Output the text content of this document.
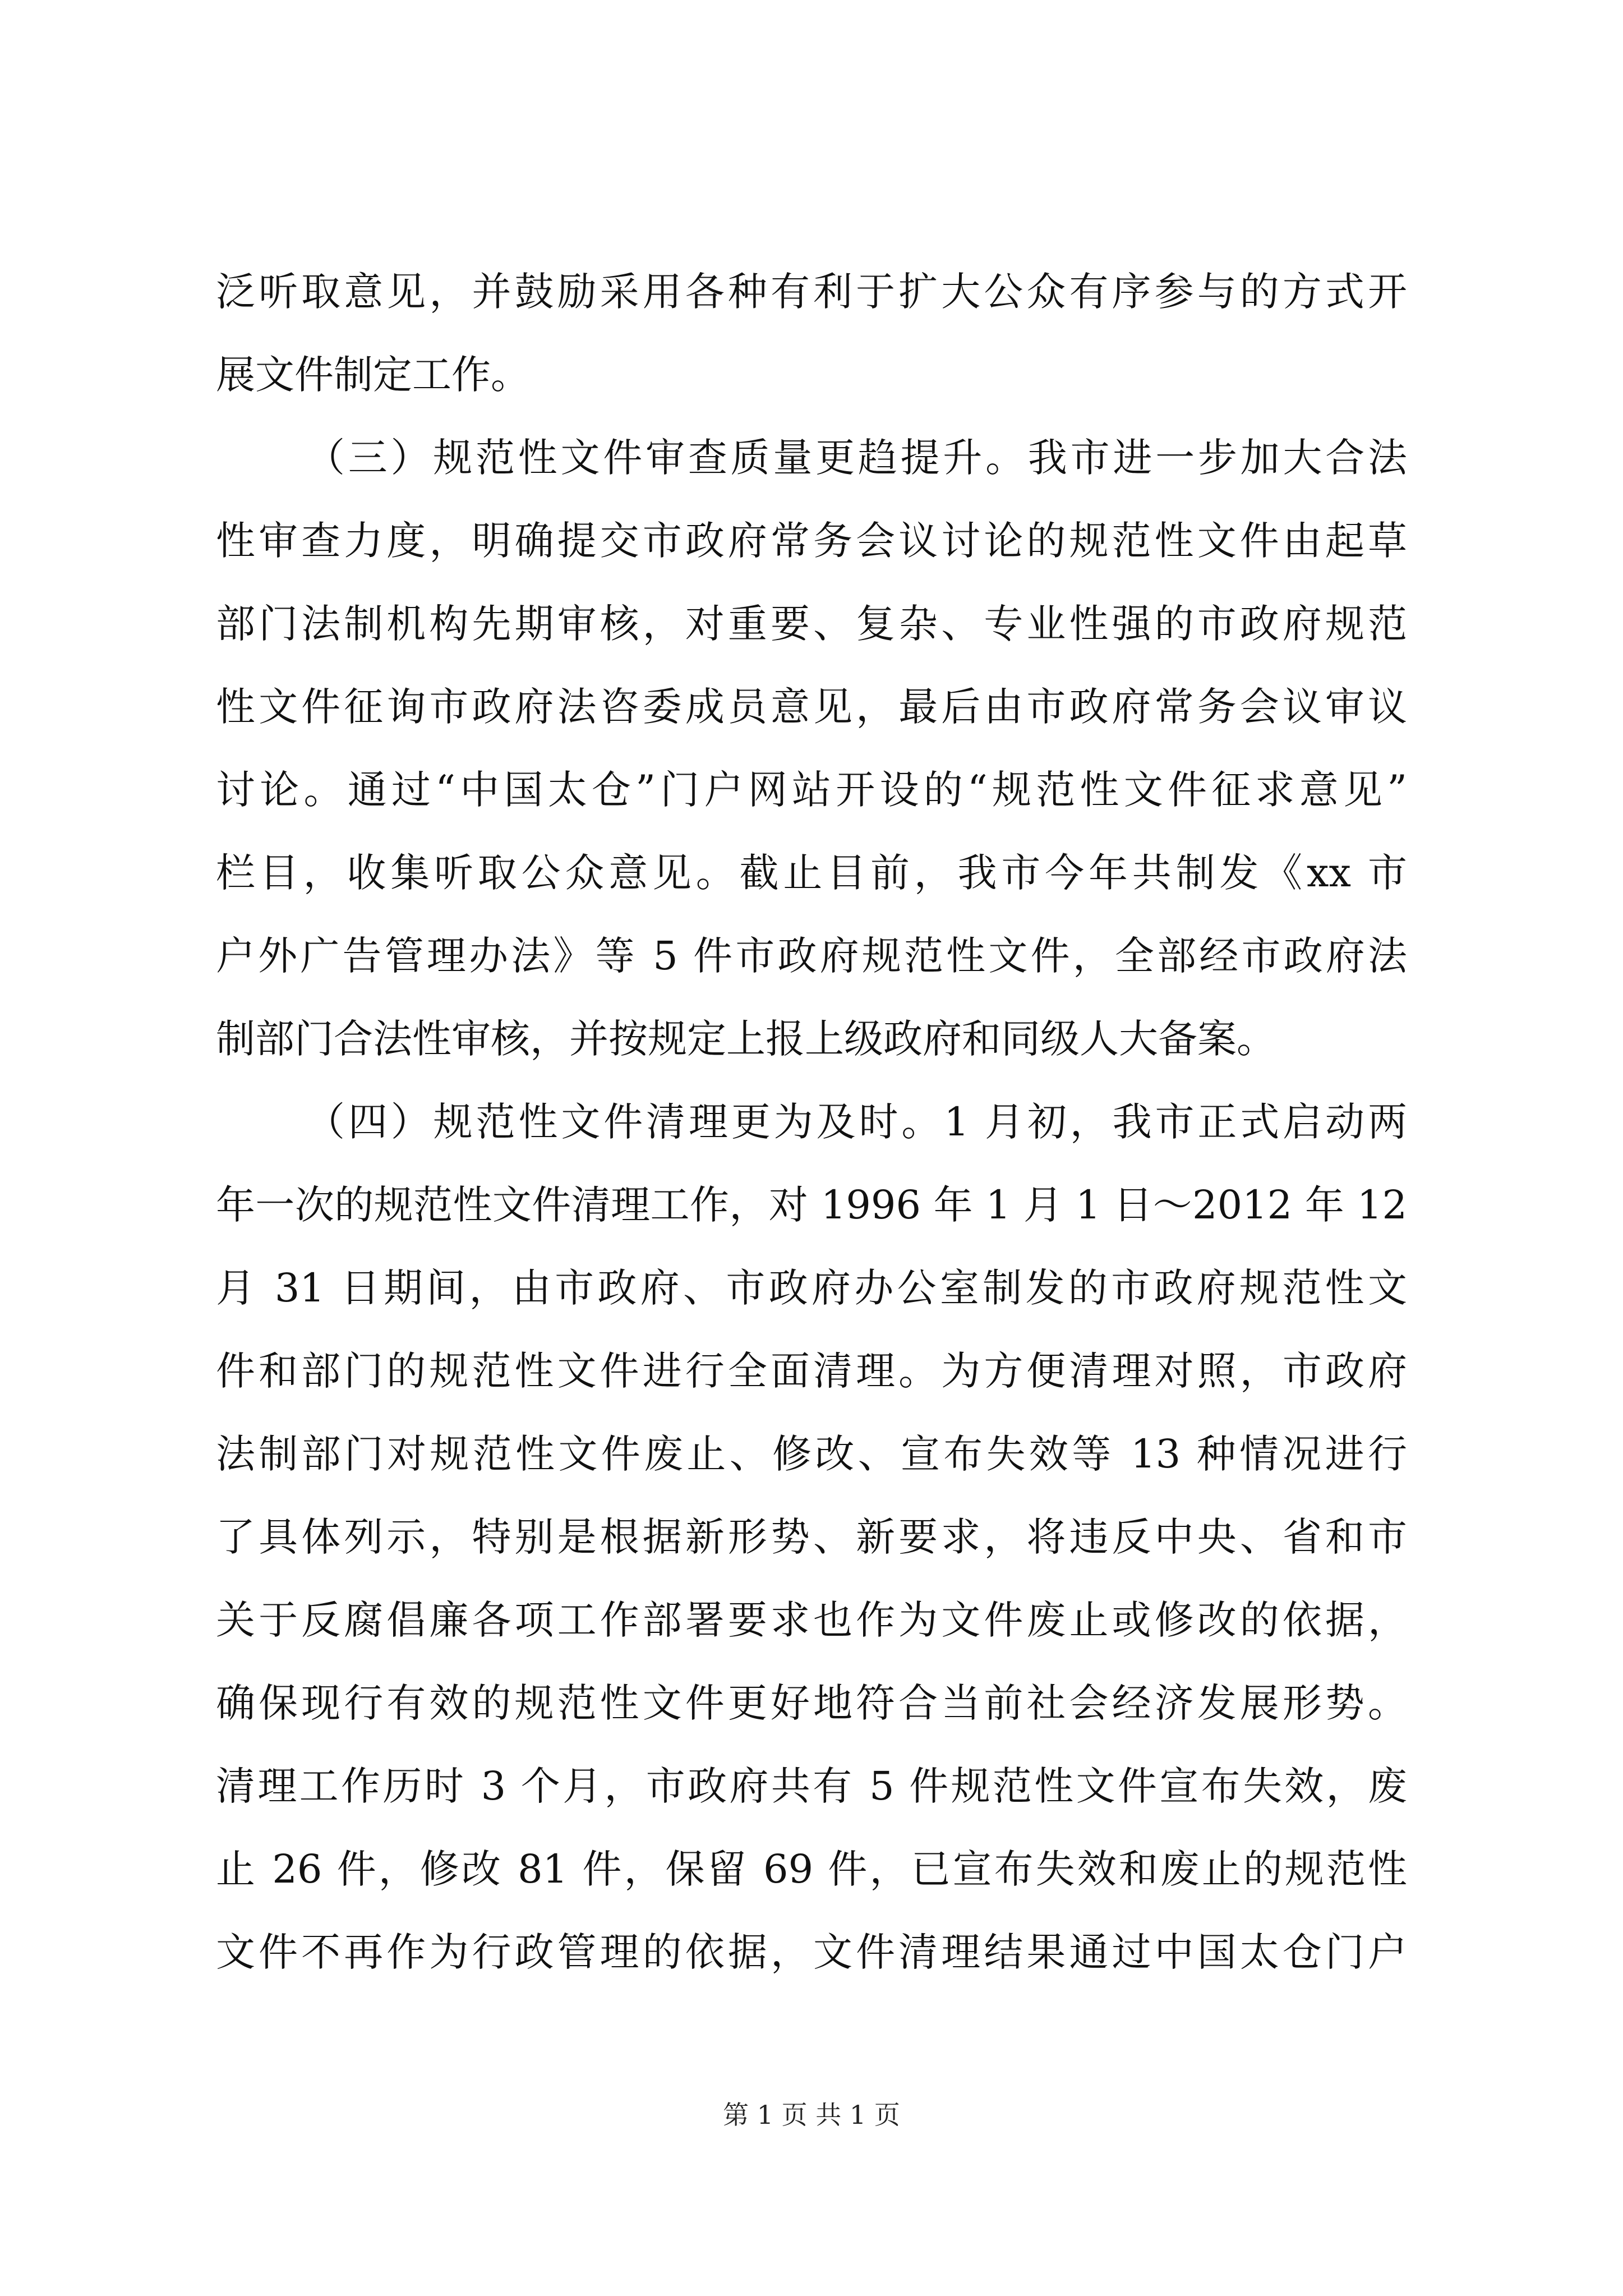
泛听取意见，并鼓励采用各种有利于扩大公众有序参与的方式开
展文件制定工作。
（三）规范性文件审查质量更趋提升。我市进一步加大合法
性审查力度，明确提交市政府常务会议讨论的规范性文件由起草
部门法制机构先期审核，对重要、复杂、专业性强的市政府规范
性文件征询市政府法咨委成员意见，最后由市政府常务会议审议
讨论。通过“中国太仓”门户网站开设的“规范性文件征求意见”
栏目，收集听取公众意见。截止目前，我市今年共制发《xx 市
户外广告管理办法》等 5 件市政府规范性文件，全部经市政府法
制部门合法性审核，并按规定上报上级政府和同级人大备案。
（四）规范性文件清理更为及时。1 月初，我市正式启动两
年一次的规范性文件清理工作，对 1996 年 1 月 1 日～2012 年 12
月 31 日期间，由市政府、市政府办公室制发的市政府规范性文
件和部门的规范性文件进行全面清理。为方便清理对照，市政府
法制部门对规范性文件废止、修改、宣布失效等 13 种情况进行
了具体列示，特别是根据新形势、新要求，将违反中央、省和市
关于反腐倡廉各项工作部署要求也作为文件废止或修改的依据，
确保现行有效的规范性文件更好地符合当前社会经济发展形势。
清理工作历时 3 个月，市政府共有 5 件规范性文件宣布失效，废
止 26 件，修改 81 件，保留 69 件，已宣布失效和废止的规范性
文件不再作为行政管理的依据，文件清理结果通过中国太仓门户
第 1 页 共 1 页
